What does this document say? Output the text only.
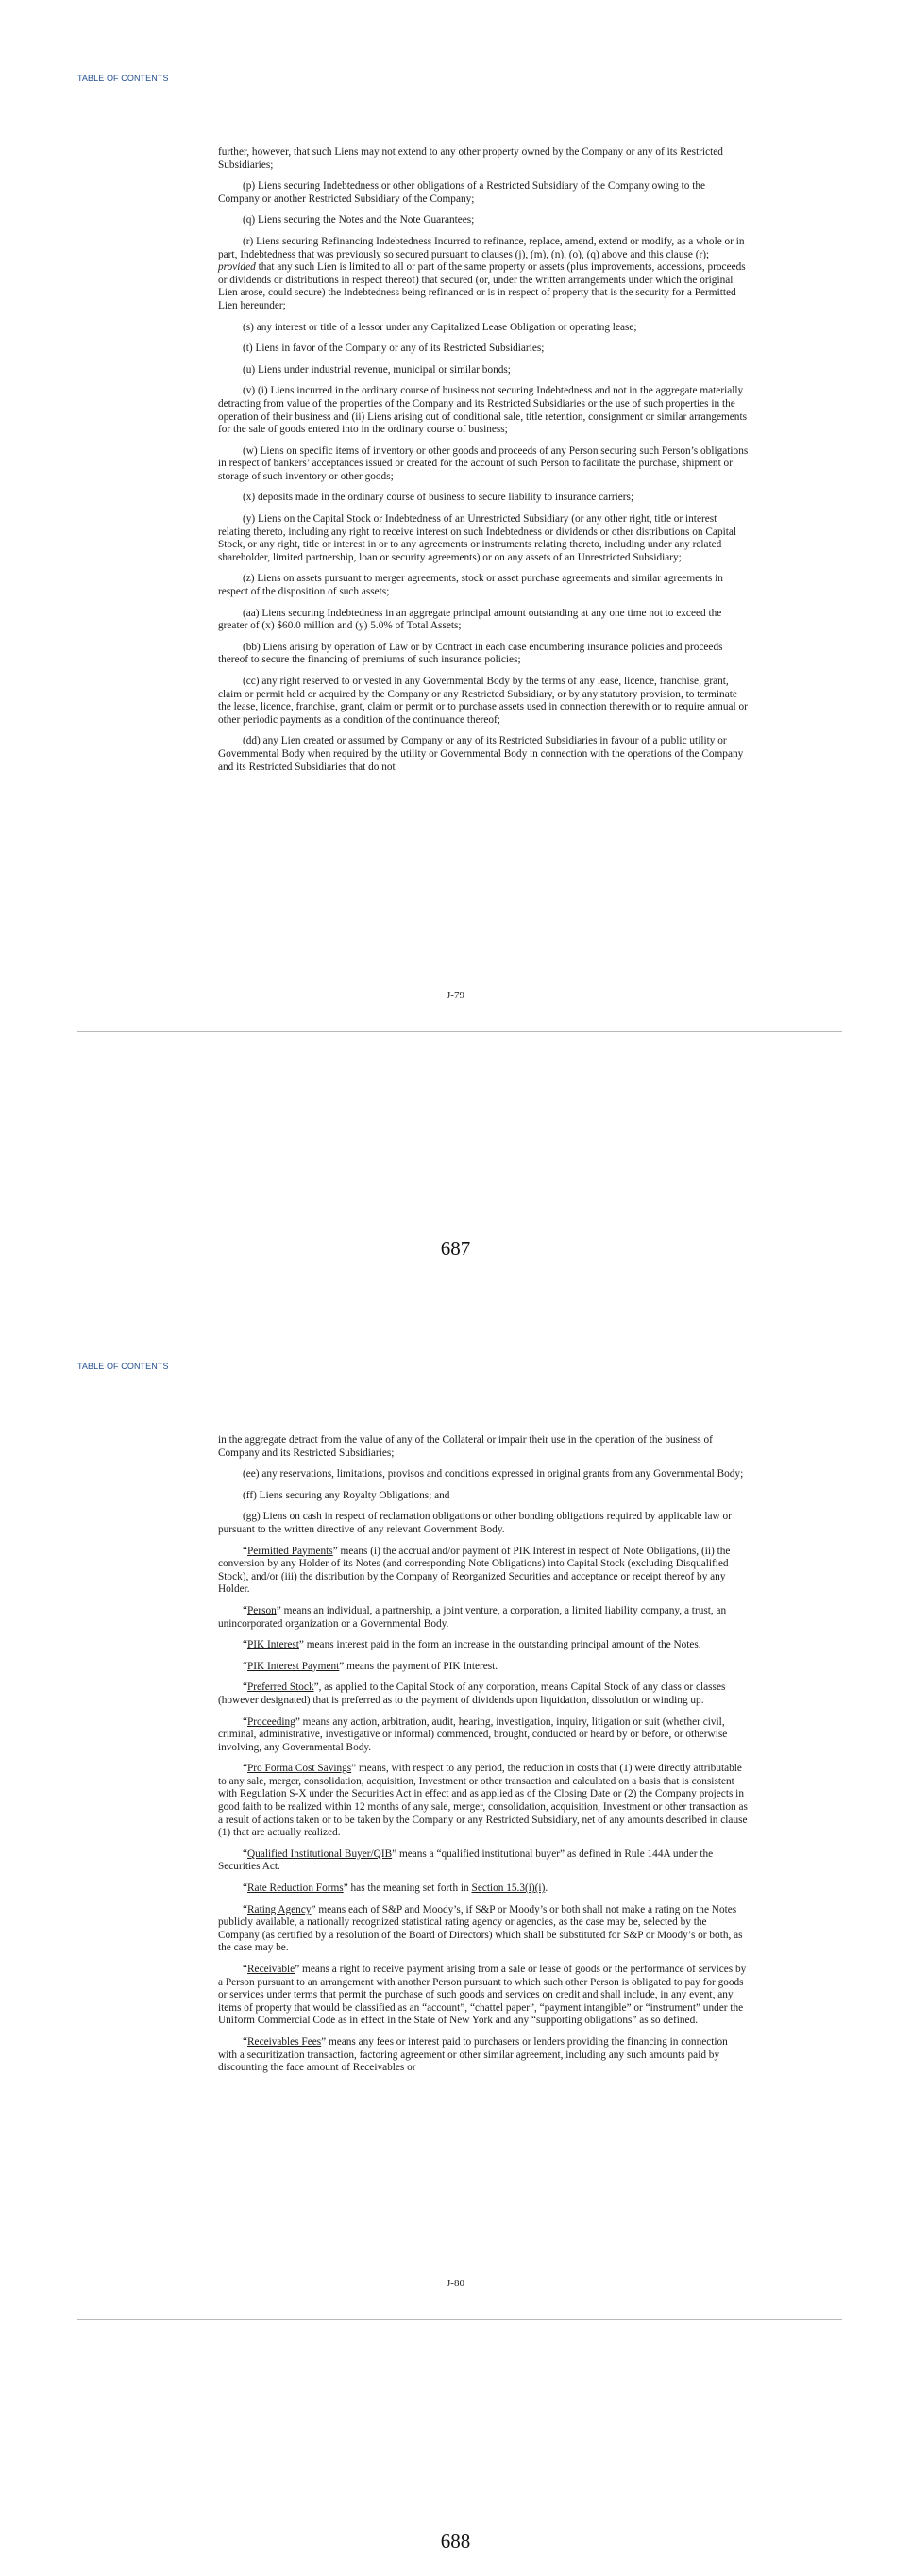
TABLE OF CONTENTS

further, however, that such Liens may not extend to any other property owned by the Company or any of its Restricted Subsidiaries;

(p) Liens securing Indebtedness or other obligations of a Restricted Subsidiary of the Company owing to the Company or another Restricted Subsidiary of the Company;

(q) Liens securing the Notes and the Note Guarantees;

(r) Liens securing Refinancing Indebtedness Incurred to refinance, replace, amend, extend or modify, as a whole or in part, Indebtedness that was previously so secured pursuant to clauses (j), (m), (n), (o), (q) above and this clause (r); provided that any such Lien is limited to all or part of the same property or assets (plus improvements, accessions, proceeds or dividends or distributions in respect thereof) that secured (or, under the written arrangements under which the original Lien arose, could secure) the Indebtedness being refinanced or is in respect of property that is the security for a Permitted Lien hereunder;

(s) any interest or title of a lessor under any Capitalized Lease Obligation or operating lease;

(t) Liens in favor of the Company or any of its Restricted Subsidiaries;

(u) Liens under industrial revenue, municipal or similar bonds;

(v) (i) Liens incurred in the ordinary course of business not securing Indebtedness and not in the aggregate materially detracting from value of the properties of the Company and its Restricted Subsidiaries or the use of such properties in the operation of their business and (ii) Liens arising out of conditional sale, title retention, consignment or similar arrangements for the sale of goods entered into in the ordinary course of business;

(w) Liens on specific items of inventory or other goods and proceeds of any Person securing such Person’s obligations in respect of bankers’ acceptances issued or created for the account of such Person to facilitate the purchase, shipment or storage of such inventory or other goods;

(x) deposits made in the ordinary course of business to secure liability to insurance carriers;

(y) Liens on the Capital Stock or Indebtedness of an Unrestricted Subsidiary (or any other right, title or interest relating thereto, including any right to receive interest on such Indebtedness or dividends or other distributions on Capital Stock, or any right, title or interest in or to any agreements or instruments relating thereto, including under any related shareholder, limited partnership, loan or security agreements) or on any assets of an Unrestricted Subsidiary;

(z) Liens on assets pursuant to merger agreements, stock or asset purchase agreements and similar agreements in respect of the disposition of such assets;

(aa) Liens securing Indebtedness in an aggregate principal amount outstanding at any one time not to exceed the greater of (x) $60.0 million and (y) 5.0% of Total Assets;

(bb) Liens arising by operation of Law or by Contract in each case encumbering insurance policies and proceeds thereof to secure the financing of premiums of such insurance policies;

(cc) any right reserved to or vested in any Governmental Body by the terms of any lease, licence, franchise, grant, claim or permit held or acquired by the Company or any Restricted Subsidiary, or by any statutory provision, to terminate the lease, licence, franchise, grant, claim or permit or to purchase assets used in connection therewith or to require annual or other periodic payments as a condition of the continuance thereof;

(dd) any Lien created or assumed by Company or any of its Restricted Subsidiaries in favour of a public utility or Governmental Body when required by the utility or Governmental Body in connection with the operations of the Company and its Restricted Subsidiaries that do not

J-79
687
TABLE OF CONTENTS

in the aggregate detract from the value of any of the Collateral or impair their use in the operation of the business of Company and its Restricted Subsidiaries;

(ee) any reservations, limitations, provisos and conditions expressed in original grants from any Governmental Body;

(ff) Liens securing any Royalty Obligations; and

(gg) Liens on cash in respect of reclamation obligations or other bonding obligations required by applicable law or pursuant to the written directive of any relevant Government Body.

“Permitted Payments” means (i) the accrual and/or payment of PIK Interest in respect of Note Obligations, (ii) the conversion by any Holder of its Notes (and corresponding Note Obligations) into Capital Stock (excluding Disqualified Stock), and/or (iii) the distribution by the Company of Reorganized Securities and acceptance or receipt thereof by any Holder.

“Person” means an individual, a partnership, a joint venture, a corporation, a limited liability company, a trust, an unincorporated organization or a Governmental Body.

“PIK Interest” means interest paid in the form an increase in the outstanding principal amount of the Notes.

“PIK Interest Payment” means the payment of PIK Interest.

“Preferred Stock”, as applied to the Capital Stock of any corporation, means Capital Stock of any class or classes (however designated) that is preferred as to the payment of dividends upon liquidation, dissolution or winding up.

“Proceeding” means any action, arbitration, audit, hearing, investigation, inquiry, litigation or suit (whether civil, criminal, administrative, investigative or informal) commenced, brought, conducted or heard by or before, or otherwise involving, any Governmental Body.

“Pro Forma Cost Savings” means, with respect to any period, the reduction in costs that (1) were directly attributable to any sale, merger, consolidation, acquisition, Investment or other transaction and calculated on a basis that is consistent with Regulation S-X under the Securities Act in effect and as applied as of the Closing Date or (2) the Company projects in good faith to be realized within 12 months of any sale, merger, consolidation, acquisition, Investment or other transaction as a result of actions taken or to be taken by the Company or any Restricted Subsidiary, net of any amounts described in clause (1) that are actually realized.

“Qualified Institutional Buyer/QIB” means a “qualified institutional buyer” as defined in Rule 144A under the Securities Act.

“Rate Reduction Forms” has the meaning set forth in Section 15.3(i)(i).

“Rating Agency” means each of S&P and Moody’s, if S&P or Moody’s or both shall not make a rating on the Notes publicly available, a nationally recognized statistical rating agency or agencies, as the case may be, selected by the Company (as certified by a resolution of the Board of Directors) which shall be substituted for S&P or Moody’s or both, as the case may be.

“Receivable” means a right to receive payment arising from a sale or lease of goods or the performance of services by a Person pursuant to an arrangement with another Person pursuant to which such other Person is obligated to pay for goods or services under terms that permit the purchase of such goods and services on credit and shall include, in any event, any items of property that would be classified as an “account”, “chattel paper”, “payment intangible” or “instrument” under the Uniform Commercial Code as in effect in the State of New York and any “supporting obligations” as so defined.

“Receivables Fees” means any fees or interest paid to purchasers or lenders providing the financing in connection with a securitization transaction, factoring agreement or other similar agreement, including any such amounts paid by discounting the face amount of Receivables or

J-80
688
